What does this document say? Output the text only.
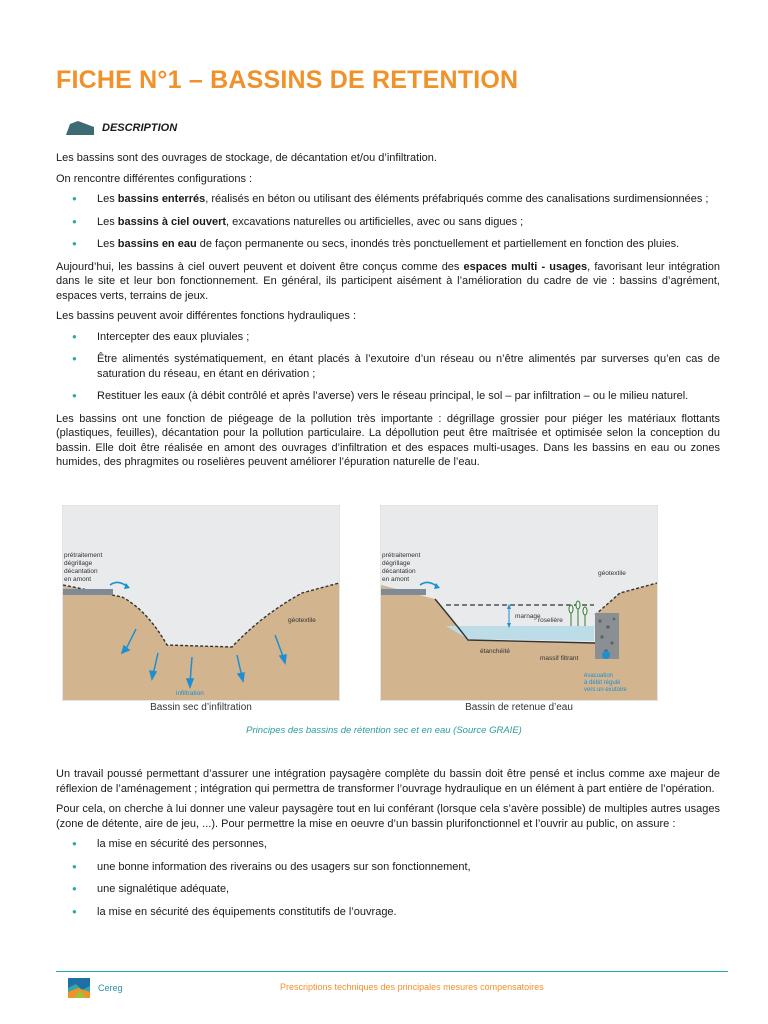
FICHE N°1 – BASSINS DE RETENTION
DESCRIPTION

Les bassins sont des ouvrages de stockage, de décantation et/ou d’infiltration.

On rencontre différentes configurations :

● Les bassins enterrés, réalisés en béton ou utilisant des éléments préfabriqués comme des canalisations surdimensionnées ;
● Les bassins à ciel ouvert, excavations naturelles ou artificielles, avec ou sans digues ;
● Les bassins en eau de façon permanente ou secs, inondés très ponctuellement et partiellement en fonction des pluies.

Aujourd’hui, les bassins à ciel ouvert peuvent et doivent être conçus comme des espaces multi - usages, favorisant leur intégration dans le site et leur bon fonctionnement. En général, ils participent aisément à l’amélioration du cadre de vie : bassins d’agrément, espaces verts, terrains de jeux.

Les bassins peuvent avoir différentes fonctions hydrauliques :

● Intercepter des eaux pluviales ;
● Être alimentés systématiquement, en étant placés à l’exutoire d’un réseau ou n’être alimentés par surverses qu’en cas de saturation du réseau, en étant en dérivation ;
● Restituer les eaux (à débit contrôlé et après l’averse) vers le réseau principal, le sol – par infiltration – ou le milieu naturel.

Les bassins ont une fonction de piégeage de la pollution très importante : dégrillage grossier pour piéger les matériaux flottants (plastiques, feuilles), décantation pour la pollution particulaire. La dépollution peut être maîtrisée et optimisée selon la conception du bassin. Elle doit être réalisée en amont des ouvrages d’infiltration et des espaces multi-usages. Dans les bassins en eau ou zones humides, des phragmites ou roselières peuvent améliorer l’épuration naturelle de l’eau.

prétraitement
dégrillage
décantation
en amont
géotextile
infiltration
Bassin sec d’infiltration
prétraitement
dégrillage
décantation
en amont
géotextile
marnage
roselière
étanchéité
massif filtrant
évacuation
à débit régulé
vers un exutoire
Bassin de retenue d’eau
Principes des bassins de rétention sec et en eau (Source GRAIE)

Un travail poussé permettant d’assurer une intégration paysagère complète du bassin doit être pensé et inclus comme axe majeur de réflexion de l’aménagement ; intégration qui permettra de transformer l’ouvrage hydraulique en un élément à part entière de l’opération.

Pour cela, on cherche à lui donner une valeur paysagère tout en lui conférant (lorsque cela s’avère possible) de multiples autres usages (zone de détente, aire de jeu, ...). Pour permettre la mise en oeuvre d’un bassin plurifonctionnel et l’ouvrir au public, on assure :

● la mise en sécurité des personnes,
● une bonne information des riverains ou des usagers sur son fonctionnement,
● une signalétique adéquate,
● la mise en sécurité des équipements constitutifs de l’ouvrage.
Cereg	Prescriptions techniques des principales mesures compensatoires
